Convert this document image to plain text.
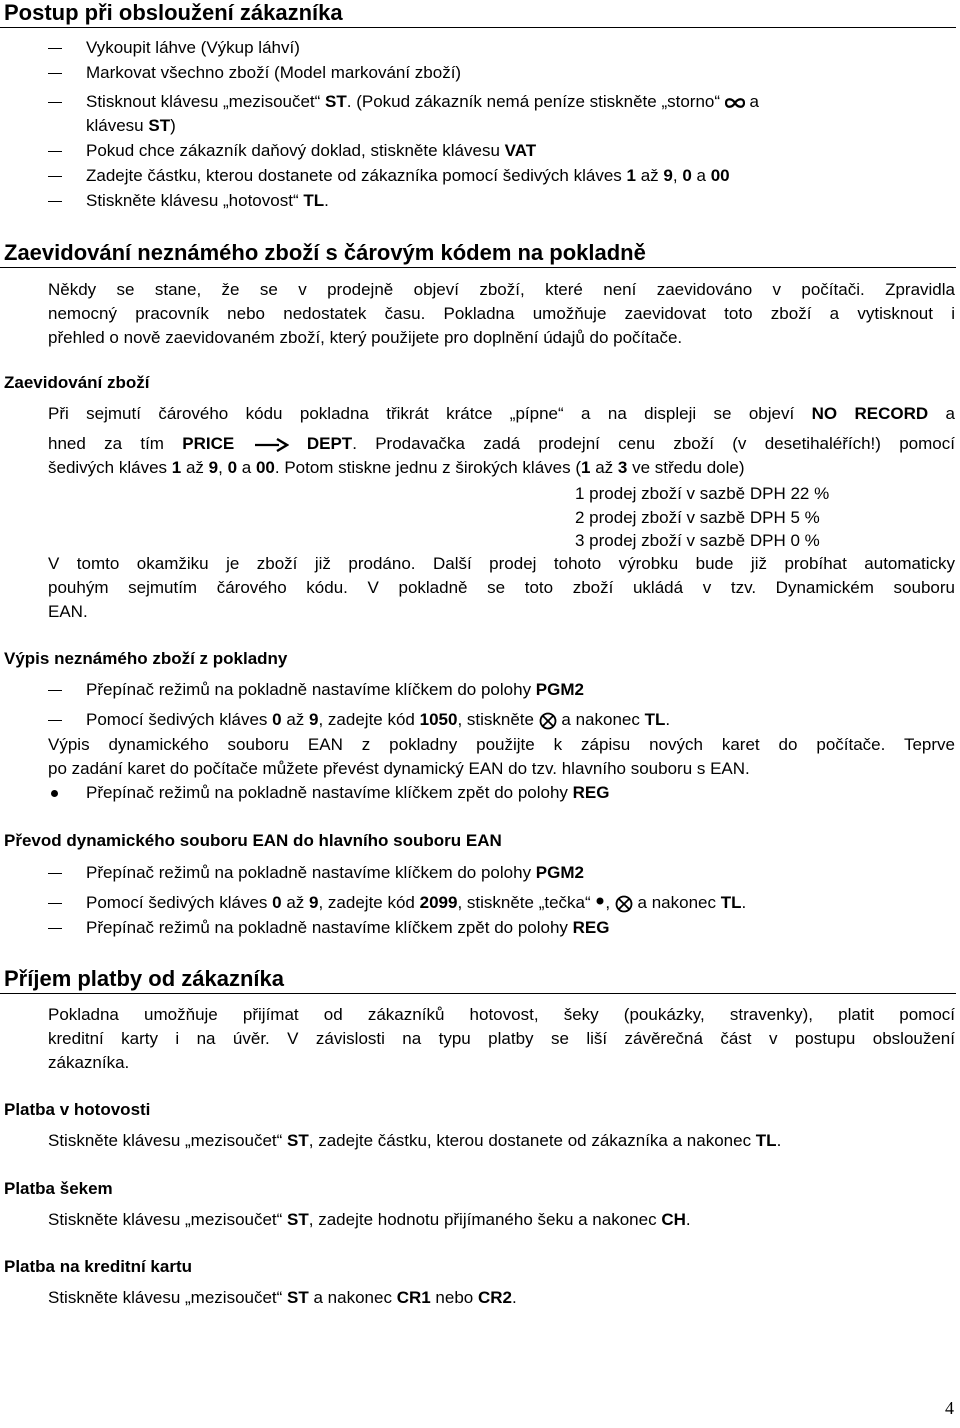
Postup při obsloužení zákazníka
Vykoupit láhve (Výkup láhví)
Markovat všechno zboží (Model markování zboží)
Stisknout klávesu „mezisoučet“ ST. (Pokud zákazník nemá peníze stiskněte „storno“  a
klávesu ST)
Pokud chce zákazník daňový doklad, stiskněte klávesu VAT
Zadejte částku, kterou dostanete od zákazníka pomocí šedivých kláves 1 až 9, 0 a 00
Stiskněte klávesu „hotovost“ TL.
Zaevidování neznámého zboží s čárovým kódem na pokladně
Někdy se stane, že se v prodejně objeví zboží, které není zaevidováno v počítači. Zpravidla
nemocný pracovník nebo nedostatek času. Pokladna umožňuje zaevidovat toto zboží a vytisknout i
přehled o nově zaevidovaném zboží, který použijete pro doplnění údajů do počítače.
Zaevidování zboží
Při sejmutí čárového kódu pokladna třikrát krátce „pípne“ a na displeji se objeví NO RECORD a
hned za tím PRICE	DEPT. Prodavačka zadá prodejní cenu zboží (v desetihaléřích!) pomocí
šedivých kláves 1 až 9, 0 a 00. Potom stiskne jednu z širokých kláves (1 až 3 ve středu dole)
1 prodej zboží v sazbě DPH 22 %
2 prodej zboží v sazbě DPH 5 %
3 prodej zboží v sazbě DPH 0 %
V tomto okamžiku je zboží již prodáno. Další prodej tohoto výrobku bude již probíhat automaticky
pouhým sejmutím čárového kódu. V pokladně se toto zboží ukládá v tzv. Dynamickém souboru
EAN.
Výpis neznámého zboží z pokladny
Přepínač režimů na pokladně nastavíme klíčkem do polohy PGM2
Pomocí šedivých kláves 0 až 9, zadejte kód 1050, stiskněte  a nakonec TL.
Výpis dynamického souboru EAN z pokladny použijte k zápisu nových karet do počítače. Teprve
po zadání karet do počítače můžete převést dynamický EAN do tzv. hlavního souboru s EAN.
Přepínač režimů na pokladně nastavíme klíčkem zpět do polohy REG
Převod dynamického souboru EAN do hlavního souboru EAN
Přepínač režimů na pokladně nastavíme klíčkem do polohy PGM2
Pomocí šedivých kláves 0 až 9, zadejte kód 2099, stiskněte „tečka“ ,  a nakonec TL.
Přepínač režimů na pokladně nastavíme klíčkem zpět do polohy REG
Příjem platby od zákazníka
Pokladna umožňuje přijímat od zákazníků hotovost, šeky (poukázky, stravenky), platit pomocí
kreditní karty i na úvěr. V závislosti na typu platby se liší závěrečná část v postupu obsloužení
zákazníka.
Platba v hotovosti
Stiskněte klávesu „mezisoučet“ ST, zadejte částku, kterou dostanete od zákazníka a nakonec TL.
Platba šekem
Stiskněte klávesu „mezisoučet“ ST, zadejte hodnotu přijímaného šeku a nakonec CH.
Platba na kreditní kartu
Stiskněte klávesu „mezisoučet“ ST a nakonec CR1 nebo CR2.
4
